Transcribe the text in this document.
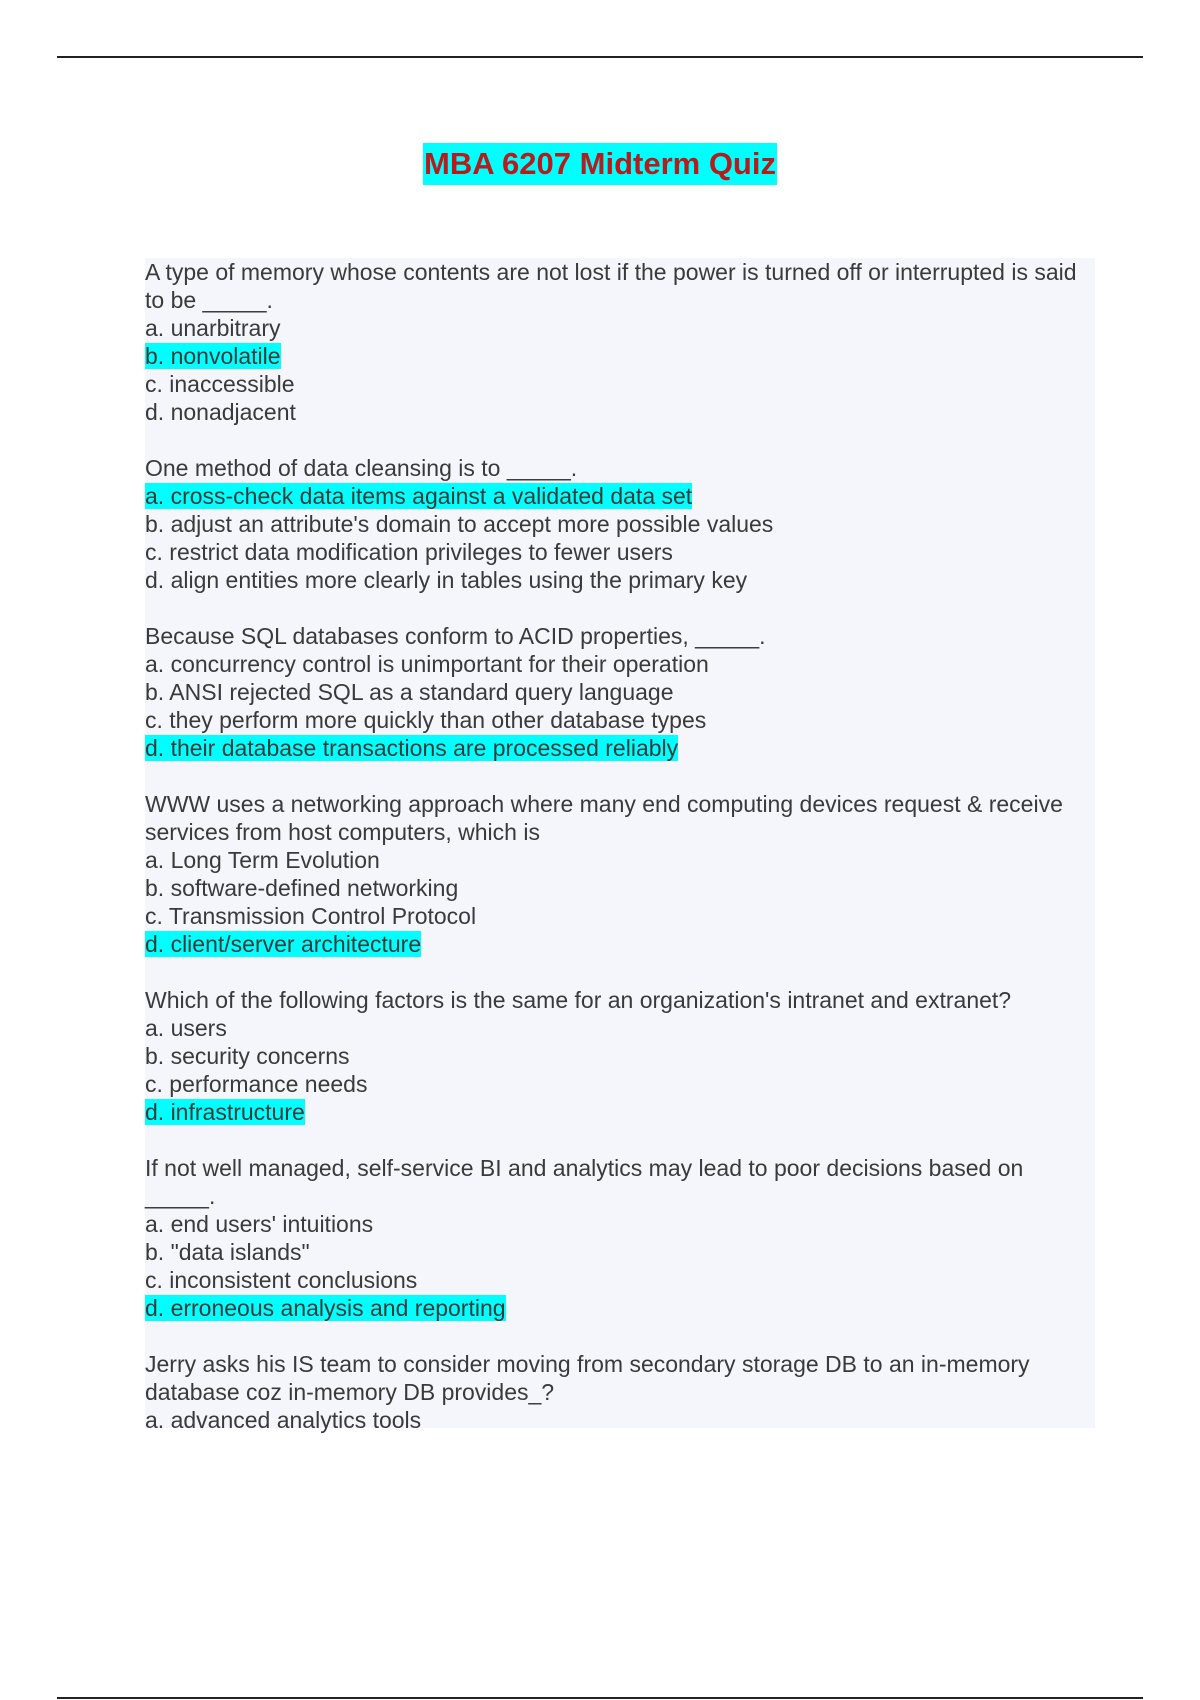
MBA 6207 Midterm Quiz
A type of memory whose contents are not lost if the power is turned off or interrupted is said to be _____.
a. unarbitrary
b. nonvolatile
c. inaccessible
d. nonadjacent
One method of data cleansing is to _____.
a. cross-check data items against a validated data set
b. adjust an attribute's domain to accept more possible values
c. restrict data modification privileges to fewer users
d. align entities more clearly in tables using the primary key
Because SQL databases conform to ACID properties, _____.
a. concurrency control is unimportant for their operation
b. ANSI rejected SQL as a standard query language
c. they perform more quickly than other database types
d. their database transactions are processed reliably
WWW uses a networking approach where many end computing devices request & receive services from host computers, which is
a. Long Term Evolution
b. software-defined networking
c. Transmission Control Protocol
d. client/server architecture
Which of the following factors is the same for an organization's intranet and extranet?
a. users
b. security concerns
c. performance needs
d. infrastructure
If not well managed, self-service BI and analytics may lead to poor decisions based on _____.
a. end users' intuitions
b. "data islands"
c. inconsistent conclusions
d. erroneous analysis and reporting
Jerry asks his IS team to consider moving from secondary storage DB to an in-memory database coz in-memory DB provides_?
a. advanced analytics tools
